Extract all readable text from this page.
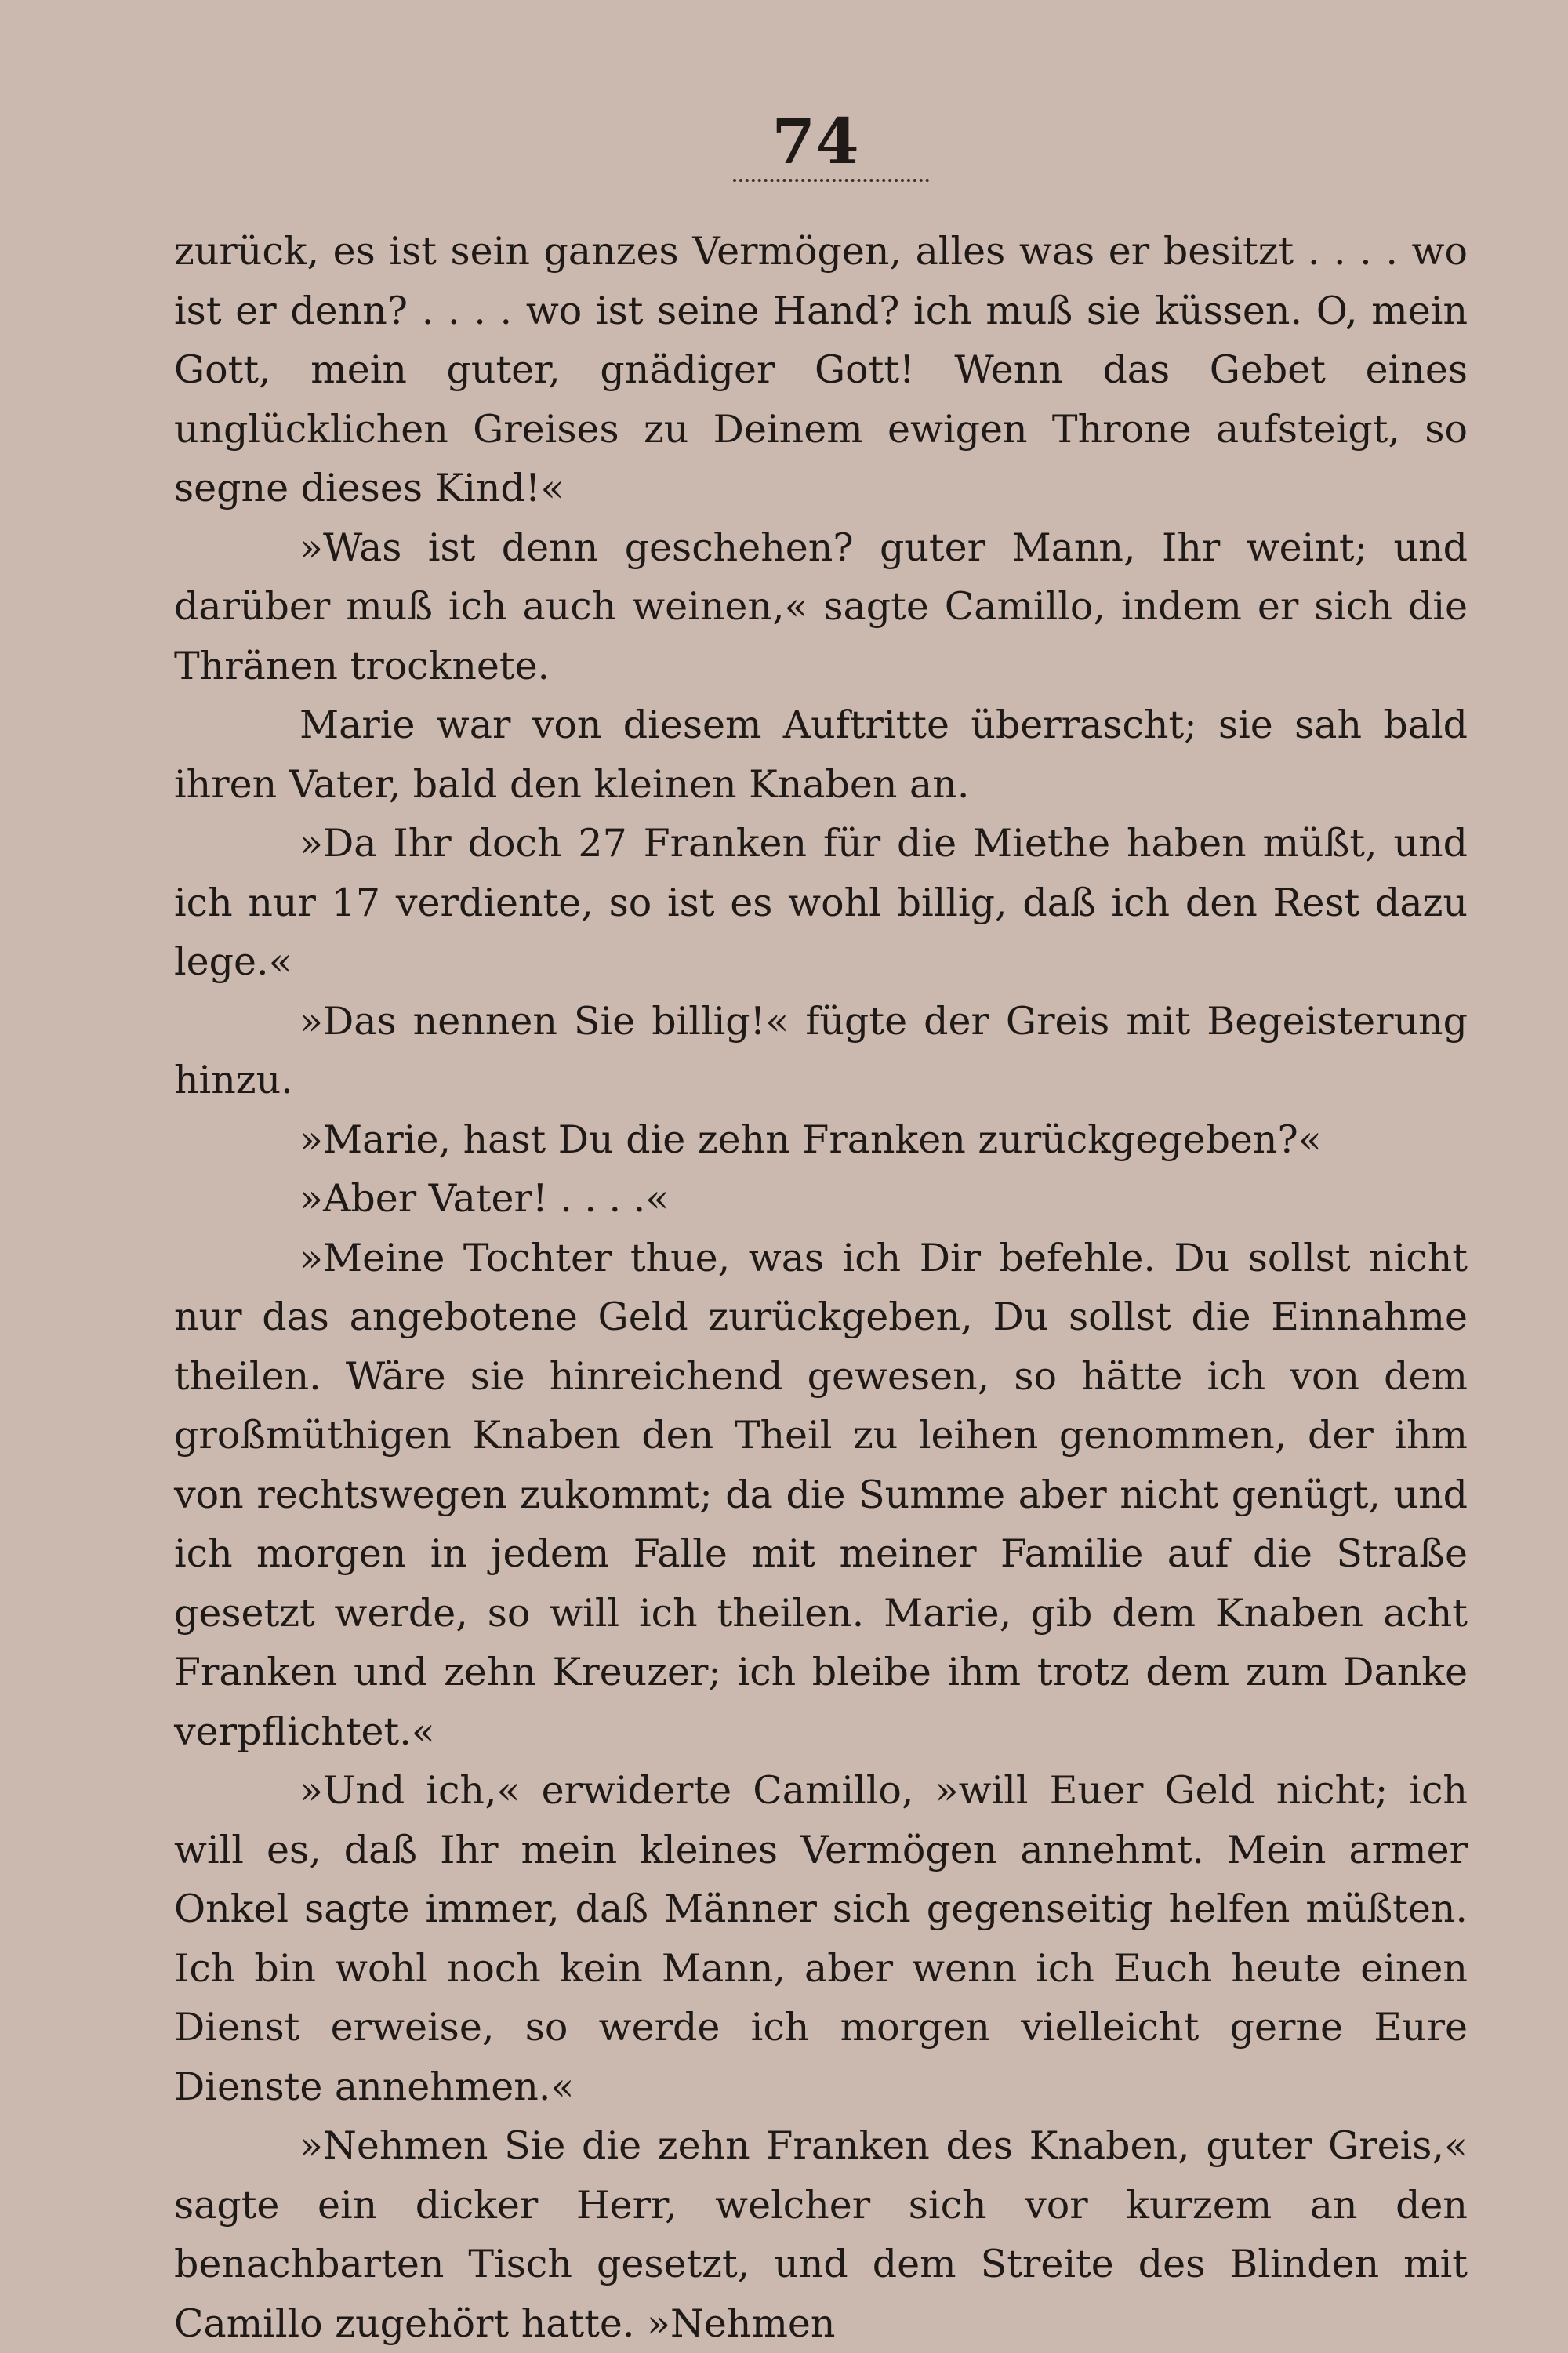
74

zurück, es ist sein ganzes Vermögen, alles was er besitzt . . . . wo ist er denn? . . . . wo ist seine Hand? ich muß sie küssen. O, mein Gott, mein guter, gnädiger Gott! Wenn das Gebet eines unglücklichen Greises zu Deinem ewigen Throne aufsteigt, so segne dieses Kind!«

»Was ist denn geschehen? guter Mann, Ihr weint; und darüber muß ich auch weinen,« sagte Camillo, indem er sich die Thränen trocknete.

Marie war von diesem Auftritte überrascht; sie sah bald ihren Vater, bald den kleinen Knaben an.

»Da Ihr doch 27 Franken für die Miethe haben müßt, und ich nur 17 verdiente, so ist es wohl billig, daß ich den Rest dazu lege.«

»Das nennen Sie billig!« fügte der Greis mit Begeisterung hinzu.

»Marie, hast Du die zehn Franken zurückgegeben?«

»Aber Vater! . . . .«

»Meine Tochter thue, was ich Dir befehle. Du sollst nicht nur das angebotene Geld zurückgeben, Du sollst die Einnahme theilen. Wäre sie hinreichend gewesen, so hätte ich von dem großmüthigen Knaben den Theil zu leihen genommen, der ihm von rechtswegen zukommt; da die Summe aber nicht genügt, und ich morgen in jedem Falle mit meiner Familie auf die Straße gesetzt werde, so will ich theilen. Marie, gib dem Knaben acht Franken und zehn Kreuzer; ich bleibe ihm trotz dem zum Danke verpflichtet.«

»Und ich,« erwiderte Camillo, »will Euer Geld nicht; ich will es, daß Ihr mein kleines Vermögen annehmt. Mein armer Onkel sagte immer, daß Männer sich gegenseitig helfen müßten. Ich bin wohl noch kein Mann, aber wenn ich Euch heute einen Dienst erweise, so werde ich morgen vielleicht gerne Eure Dienste annehmen.«

»Nehmen Sie die zehn Franken des Knaben, guter Greis,« sagte ein dicker Herr, welcher sich vor kurzem an den benachbarten Tisch gesetzt, und dem Streite des Blinden mit Camillo zugehört hatte. »Nehmen
